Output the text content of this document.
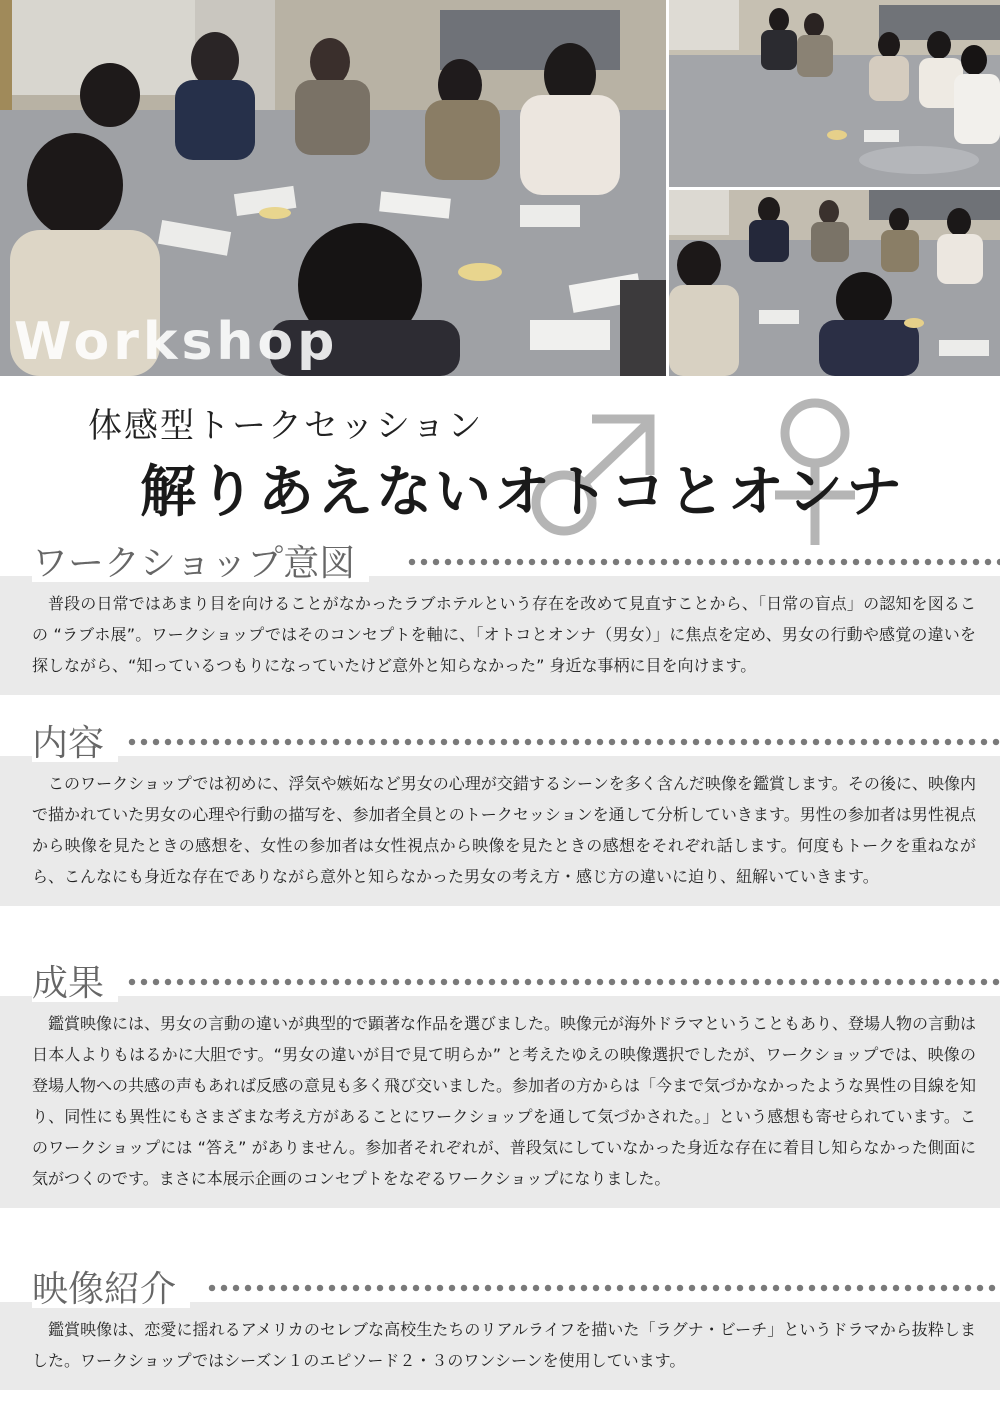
Workshop
体感型トークセッション
解りあえないオトコとオンナ
ワークショップ意図

普段の日常ではあまり目を向けることがなかったラブホテルという存在を改めて見直すことから、「日常の盲点」の認知を図るこの “ラブホ展”。ワークショップではそのコンセプトを軸に、「オトコとオンナ（男女）」に焦点を定め、男女の行動や感覚の違いを探しながら、“知っているつもりになっていたけど意外と知らなかった” 身近な事柄に目を向けます。

内容

このワークショップでは初めに、浮気や嫉妬など男女の心理が交錯するシーンを多く含んだ映像を鑑賞します。その後に、映像内で描かれていた男女の心理や行動の描写を、参加者全員とのトークセッションを通して分析していきます。男性の参加者は男性視点から映像を見たときの感想を、女性の参加者は女性視点から映像を見たときの感想をそれぞれ話します。何度もトークを重ねながら、こんなにも身近な存在でありながら意外と知らなかった男女の考え方・感じ方の違いに迫り、紐解いていきます。

成果

鑑賞映像には、男女の言動の違いが典型的で顕著な作品を選びました。映像元が海外ドラマということもあり、登場人物の言動は日本人よりもはるかに大胆です。“男女の違いが目で見て明らか” と考えたゆえの映像選択でしたが、ワークショップでは、映像の登場人物への共感の声もあれば反感の意見も多く飛び交いました。参加者の方からは「今まで気づかなかったような異性の目線を知り、同性にも異性にもさまざまな考え方があることにワークショップを通して気づかされた。」という感想も寄せられています。このワークショップには “答え” がありません。参加者それぞれが、普段気にしていなかった身近な存在に着目し知らなかった側面に気がつくのです。まさに本展示企画のコンセプトをなぞるワークショップになりました。

映像紹介

鑑賞映像は、恋愛に揺れるアメリカのセレブな高校生たちのリアルライフを描いた「ラグナ・ビーチ」というドラマから抜粋しました。ワークショップではシーズン１のエピソード２・３のワンシーンを使用しています。
